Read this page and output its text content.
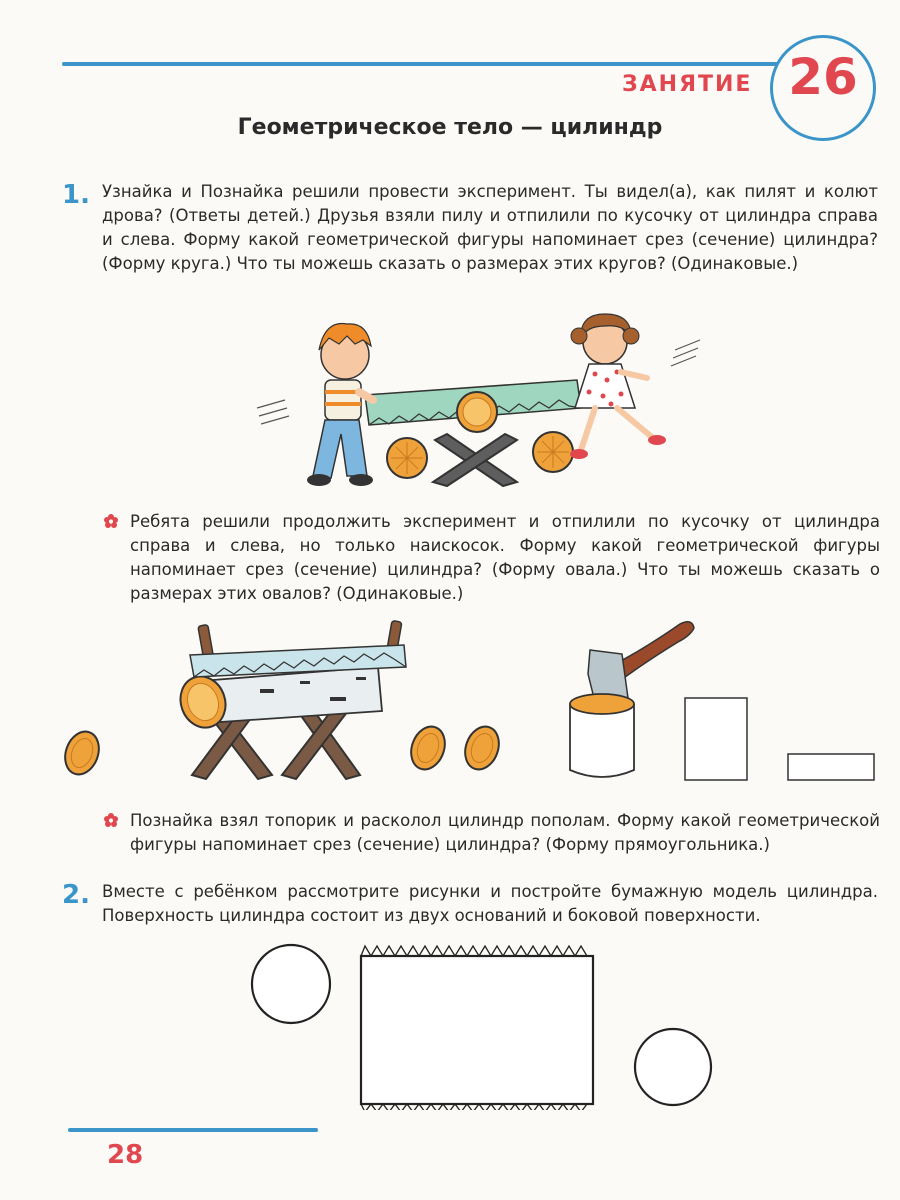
ЗАНЯТИЕ 26
Геометрическое тело — цилиндр
1. Узнайка и Познайка решили провести эксперимент. Ты видел(а), как пилят и колют дрова? (Ответы детей.) Друзья взяли пилу и отпилили по кусочку от цилиндра справа и слева. Форму какой геометрической фигуры напоминает срез (сечение) цилиндра? (Форму круга.) Что ты можешь сказать о размерах этих кругов? (Одинаковые.)
Ребята решили продолжить эксперимент и отпилили по кусочку от цилиндра справа и слева, но только наискосок. Форму какой геометрической фигуры напоминает срез (сечение) цилиндра? (Форму овала.) Что ты можешь сказать о размерах этих овалов? (Одинаковые.)
Познайка взял топорик и расколол цилиндр пополам. Форму какой геометрической фигуры напоминает срез (сечение) цилиндра? (Форму прямоугольника.)
2. Вместе с ребёнком рассмотрите рисунки и постройте бумажную модель цилиндра. Поверхность цилиндра состоит из двух оснований и боковой поверхности.
28
